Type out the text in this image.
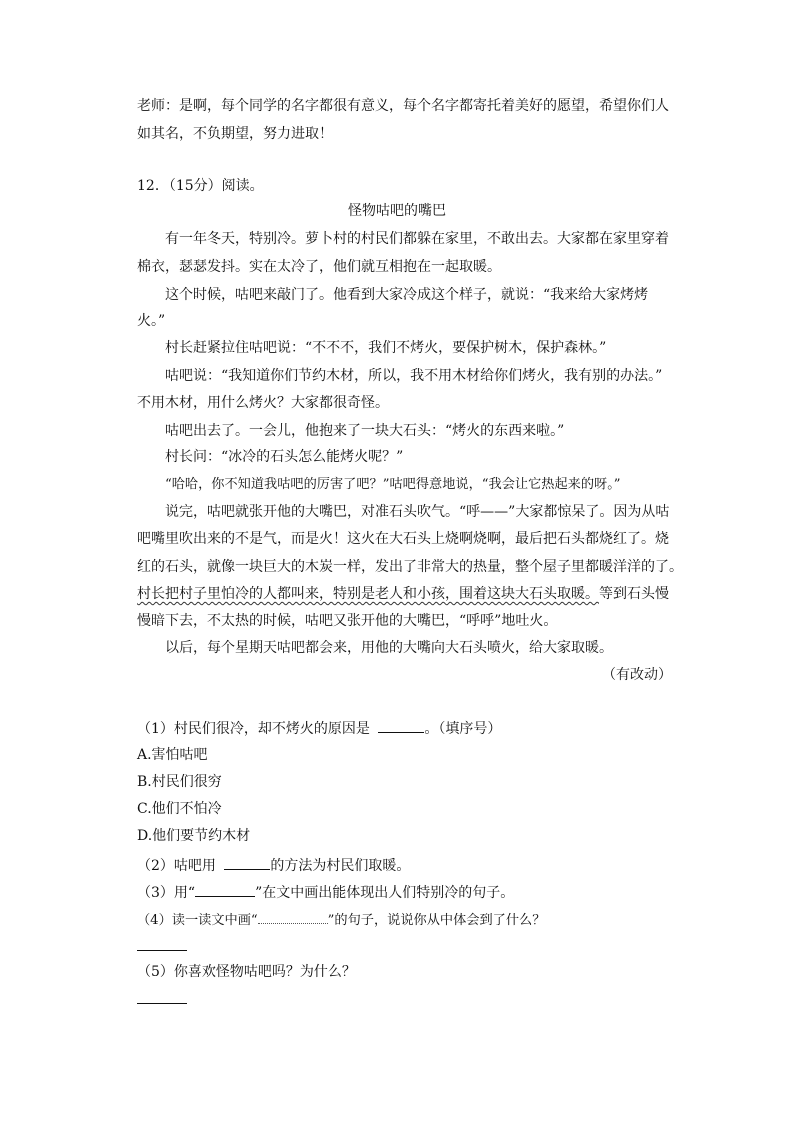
老师：是啊，每个同学的名字都很有意义，每个名字都寄托着美好的愿望，希望你们人
如其名，不负期望，努力进取！
12．（15分）阅读。
怪物咕吧的嘴巴
有一年冬天，特别冷。萝卜村的村民们都躲在家里，不敢出去。大家都在家里穿着
棉衣，瑟瑟发抖。实在太冷了，他们就互相抱在一起取暖。
这个时候，咕吧来敲门了。他看到大家冷成这个样子，就说：“我来给大家烤烤
火。”
村长赶紧拉住咕吧说：“不不不，我们不烤火，要保护树木，保护森林。”
咕吧说：“我知道你们节约木材，所以，我不用木材给你们烤火，我有别的办法。”
不用木材，用什么烤火？大家都很奇怪。
咕吧出去了。一会儿，他抱来了一块大石头：“烤火的东西来啦。”
村长问：“冰冷的石头怎么能烤火呢？”
“哈哈，你不知道我咕吧的厉害了吧？”咕吧得意地说，“我会让它热起来的呀。”
说完，咕吧就张开他的大嘴巴，对准石头吹气。“呼——”大家都惊呆了。因为从咕
吧嘴里吹出来的不是气，而是火！这火在大石头上烧啊烧啊，最后把石头都烧红了。烧
红的石头，就像一块巨大的木炭一样，发出了非常大的热量，整个屋子里都暖洋洋的了。
村长把村子里怕冷的人都叫来，特别是老人和小孩，围着这块大石头取暖。等到石头慢
慢暗下去，不太热的时候，咕吧又张开他的大嘴巴，“呼呼”地吐火。
以后，每个星期天咕吧都会来，用他的大嘴向大石头喷火，给大家取暖。
（有改动）
（1）村民们很冷，却不烤火的原因是	。（填序号）
A.害怕咕吧
B.村民们很穷
C.他们不怕冷
D.他们要节约木材
（2）咕吧用	的方法为村民们取暖。
（3）用“	”在文中画出能体现出人们特别冷的句子。
（4）读一读文中画“	”的句子，说说你从中体会到了什么？
（5）你喜欢怪物咕吧吗？为什么？
